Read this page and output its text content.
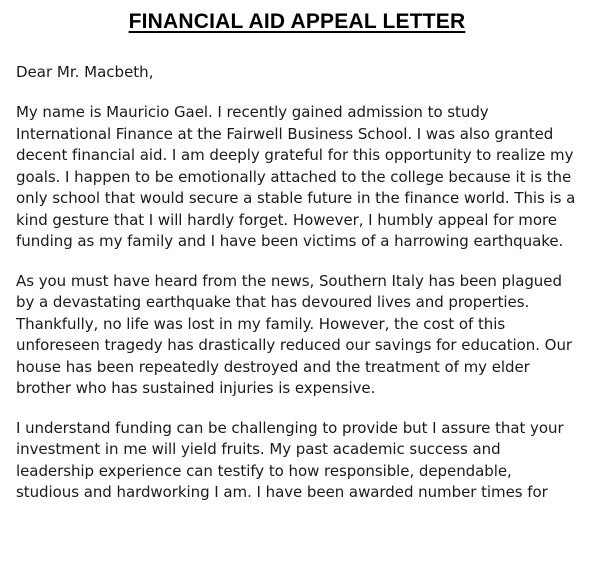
FINANCIAL AID APPEAL LETTER

Dear Mr. Macbeth,

My name is Mauricio Gael. I recently gained admission to study International Finance at the Fairwell Business School. I was also granted decent financial aid. I am deeply grateful for this opportunity to realize my goals. I happen to be emotionally attached to the college because it is the only school that would secure a stable future in the finance world. This is a kind gesture that I will hardly forget. However, I humbly appeal for more funding as my family and I have been victims of a harrowing earthquake.

As you must have heard from the news, Southern Italy has been plagued by a devastating earthquake that has devoured lives and properties. Thankfully, no life was lost in my family. However, the cost of this unforeseen tragedy has drastically reduced our savings for education. Our house has been repeatedly destroyed and the treatment of my elder brother who has sustained injuries is expensive.

I understand funding can be challenging to provide but I assure that your investment in me will yield fruits. My past academic success and leadership experience can testify to how responsible, dependable, studious and hardworking I am. I have been awarded number times for
